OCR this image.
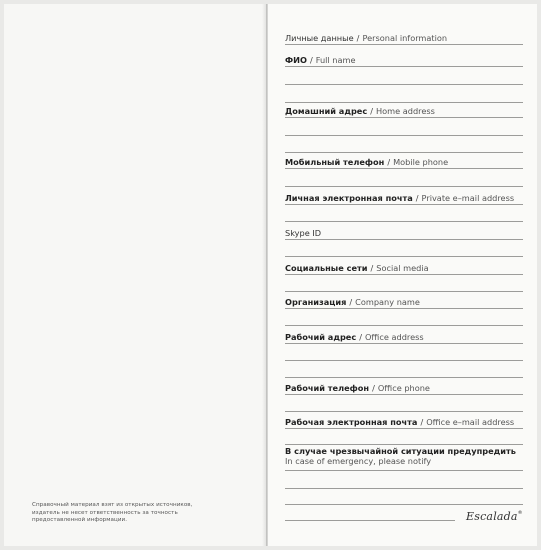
Справочный материал взят из открытых источников,
издатель не несет ответственность за точность
предоставленной информации.
Личные данные / Personal information
ФИО / Full name
Домашний адрес / Home address
Мобильный телефон / Mobile phone
Личная электронная почта / Private e–mail address
Skype ID
Социальные сети / Social media
Организация / Company name
Рабочий адрес / Office address
Рабочий телефон / Office phone
Рабочая электронная почта / Office e–mail address
В случае чрезвычайной ситуации предупредить
In case of emergency, please notify
Escalada®
